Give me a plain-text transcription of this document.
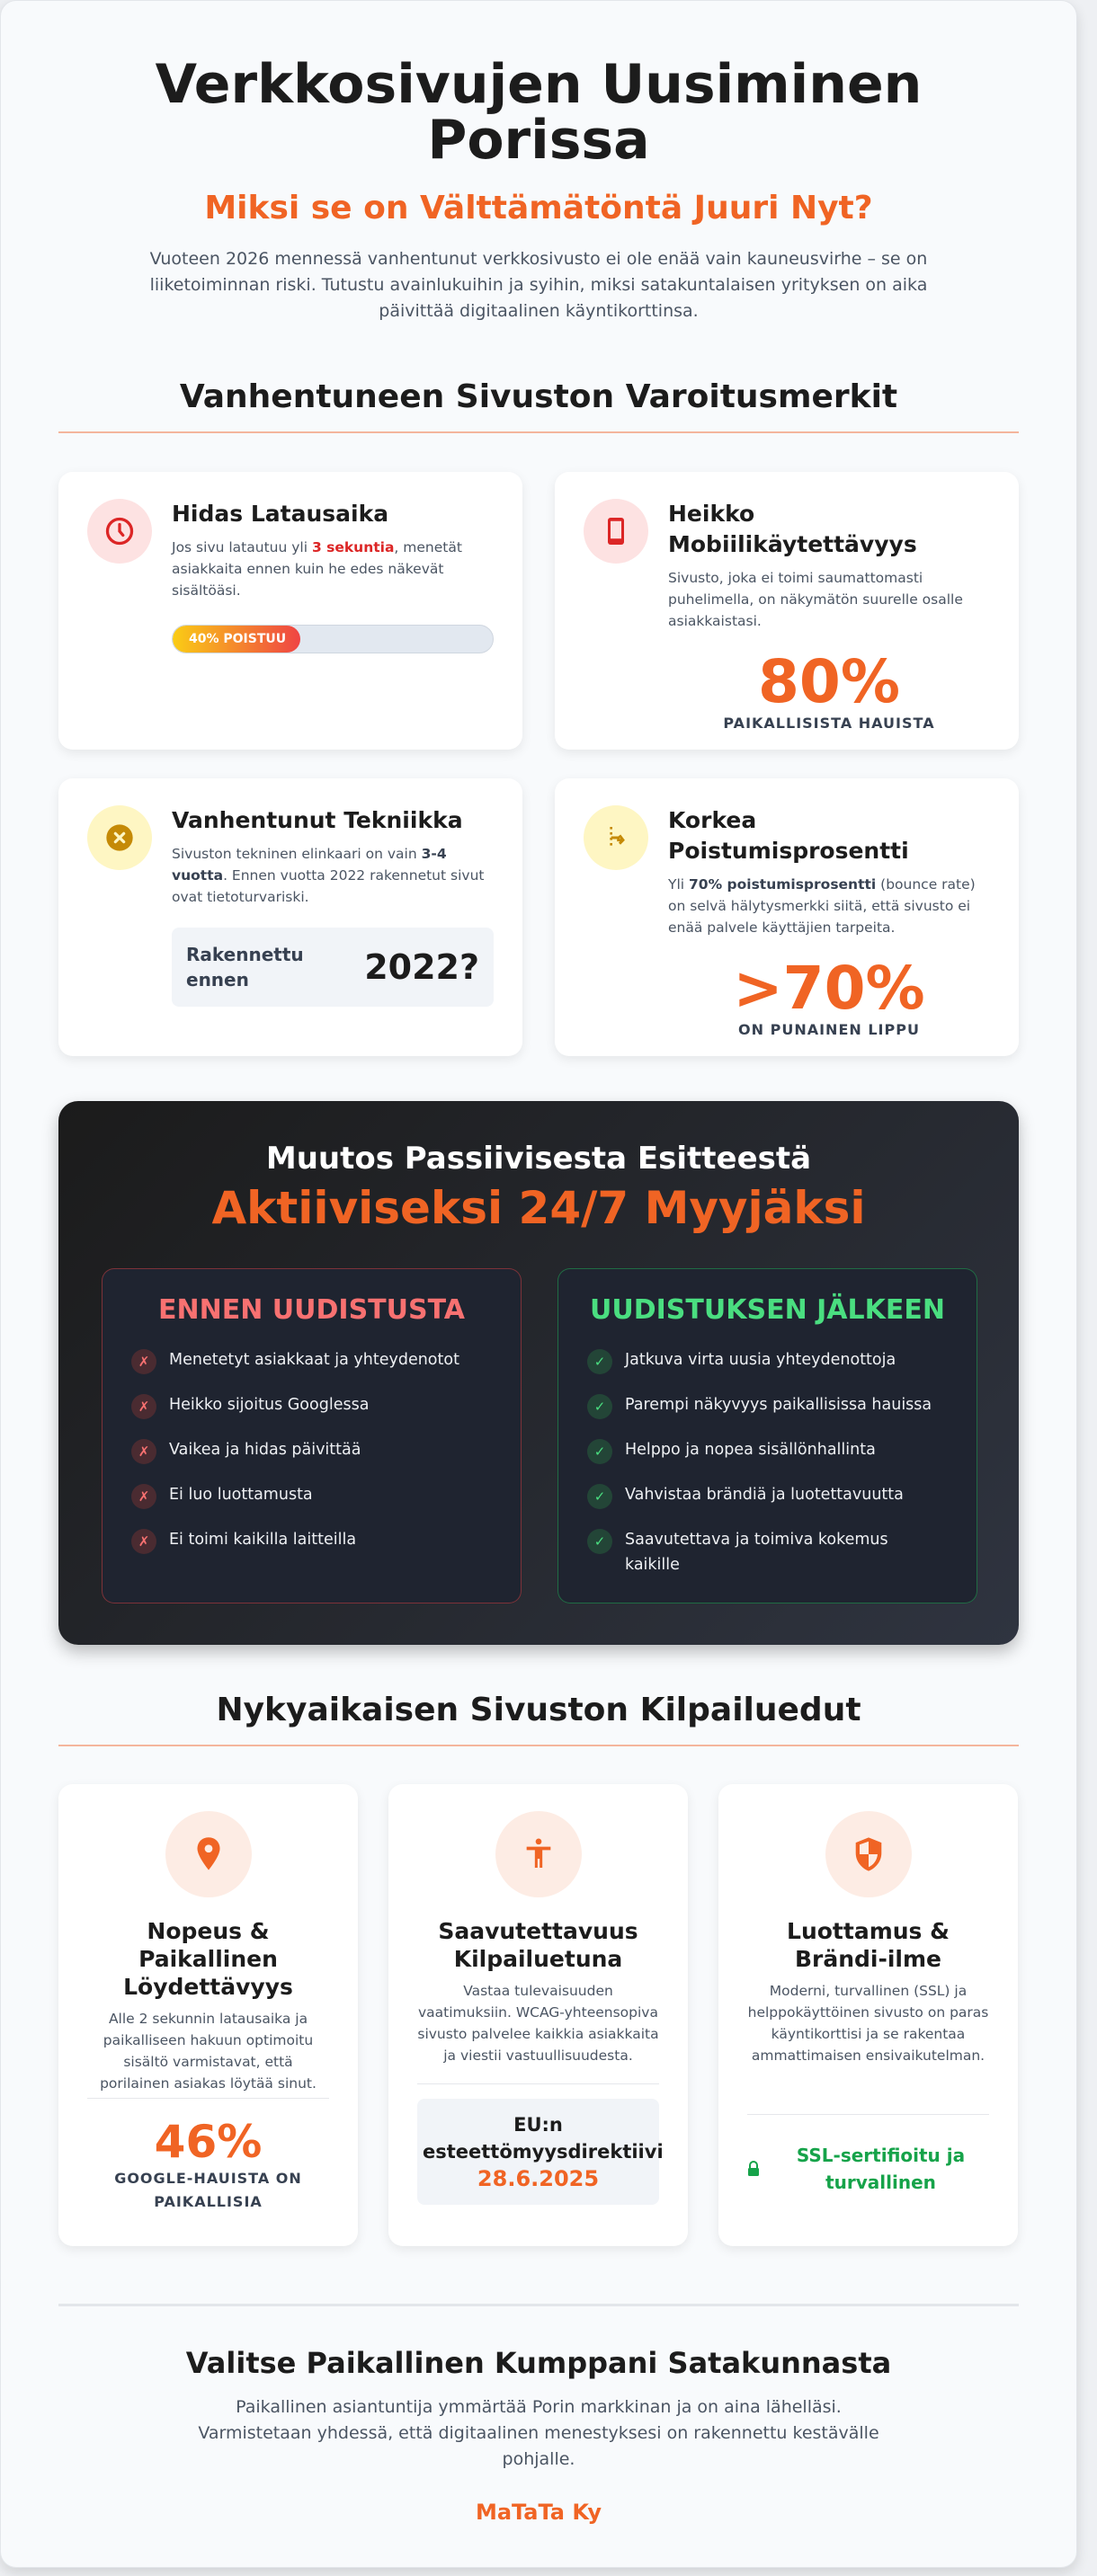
Verkkosivujen Uusiminen Porissa
Miksi se on Välttämätöntä Juuri Nyt?

Vuoteen 2026 mennessä vanhentunut verkkosivusto ei ole enää vain kauneusvirhe – se on liiketoiminnan riski. Tutustu avainlukuihin ja syihin, miksi satakuntalaisen yrityksen on aika päivittää digitaalinen käyntikorttinsa.

Vanhentuneen Sivuston Varoitusmerkit
Hidas Latausaika

Jos sivu latautuu yli 3 sekuntia, menetät asiakkaita ennen kuin he edes näkevät sisältöäsi.

40% POISTUU
Heikko Mobiilikäytettävyys

Sivusto, joka ei toimi saumattomasti puhelimella, on näkymätön suurelle osalle asiakkaistasi.

80%
PAIKALLISISTA HAUISTA
Vanhentunut Tekniikka

Sivuston tekninen elinkaari on vain 3-4 vuotta. Ennen vuotta 2022 rakennetut sivut ovat tietoturvariski.

Rakennettu ennen	2022?
Korkea Poistumisprosentti

Yli 70% poistumisprosentti (bounce rate) on selvä hälytysmerkki siitä, että sivusto ei enää palvele käyttäjien tarpeita.

>70%
ON PUNAINEN LIPPU
Muutos Passiivisesta Esitteestä
Aktiiviseksi 24/7 Myyjäksi
ENNEN UUDISTUSTA
✗	Menetetyt asiakkaat ja yhteydenotot
✗	Heikko sijoitus Googlessa
✗	Vaikea ja hidas päivittää
✗	Ei luo luottamusta
✗	Ei toimi kaikilla laitteilla
UUDISTUKSEN JÄLKEEN
✓	Jatkuva virta uusia yhteydenottoja
✓	Parempi näkyvyys paikallisissa hauissa
✓	Helppo ja nopea sisällönhallinta
✓	Vahvistaa brändiä ja luotettavuutta
✓	Saavutettava ja toimiva kokemus kaikille
Nykyaikaisen Sivuston Kilpailuedut
Nopeus & Paikallinen Löydettävyys

Alle 2 sekunnin latausaika ja paikalliseen hakuun optimoitu sisältö varmistavat, että porilainen asiakas löytää sinut.

46%
GOOGLE-HAUISTA ON PAIKALLISIA
Saavutettavuus Kilpailuetuna

Vastaa tulevaisuuden vaatimuksiin. WCAG-yhteensopiva sivusto palvelee kaikkia asiakkaita ja viestii vastuullisuudesta.

EU:n esteettömyysdirektiivi
28.6.2025
Luottamus & Brändi-ilme

Moderni, turvallinen (SSL) ja helppokäyttöinen sivusto on paras käyntikorttisi ja se rakentaa ammattimaisen ensivaikutelman.

SSL-sertifioitu ja turvallinen
Valitse Paikallinen Kumppani Satakunnasta

Paikallinen asiantuntija ymmärtää Porin markkinan ja on aina lähelläsi. Varmistetaan yhdessä, että digitaalinen menestyksesi on rakennettu kestävälle pohjalle.

MaTaTa Ky
